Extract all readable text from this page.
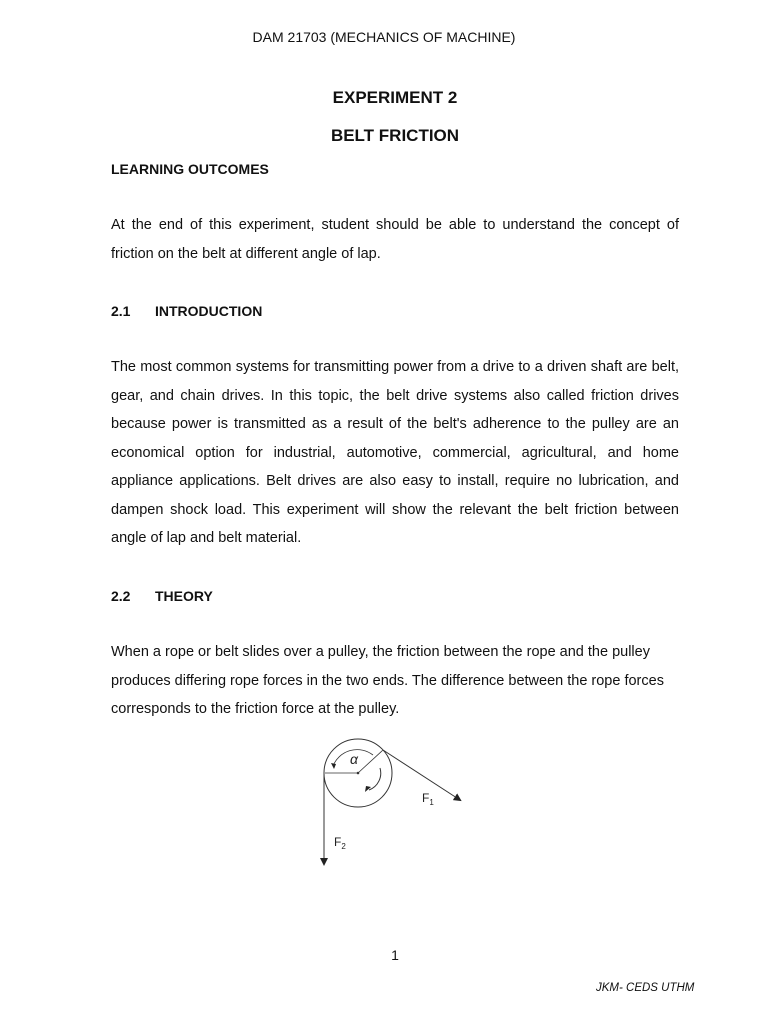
DAM 21703 (MECHANICS OF MACHINE)
EXPERIMENT 2
BELT FRICTION
LEARNING OUTCOMES

At the end of this experiment, student should be able to understand the concept of friction on the belt at different angle of lap.

2.1 INTRODUCTION

The most common systems for transmitting power from a drive to a driven shaft are belt, gear, and chain drives. In this topic, the belt drive systems also called friction drives because power is transmitted as a result of the belt's adherence to the pulley are an economical option for industrial, automotive, commercial, agricultural, and home appliance applications. Belt drives are also easy to install, require no lubrication, and dampen shock load. This experiment will show the relevant the belt friction between angle of lap and belt material.

2.2 THEORY

When a rope or belt slides over a pulley, the friction between the rope and the pulley produces differing rope forces in the two ends. The difference between the rope forces corresponds to the friction force at the pulley.

α
$F_1$
$F_2$
1
JKM- CEDS UTHM
